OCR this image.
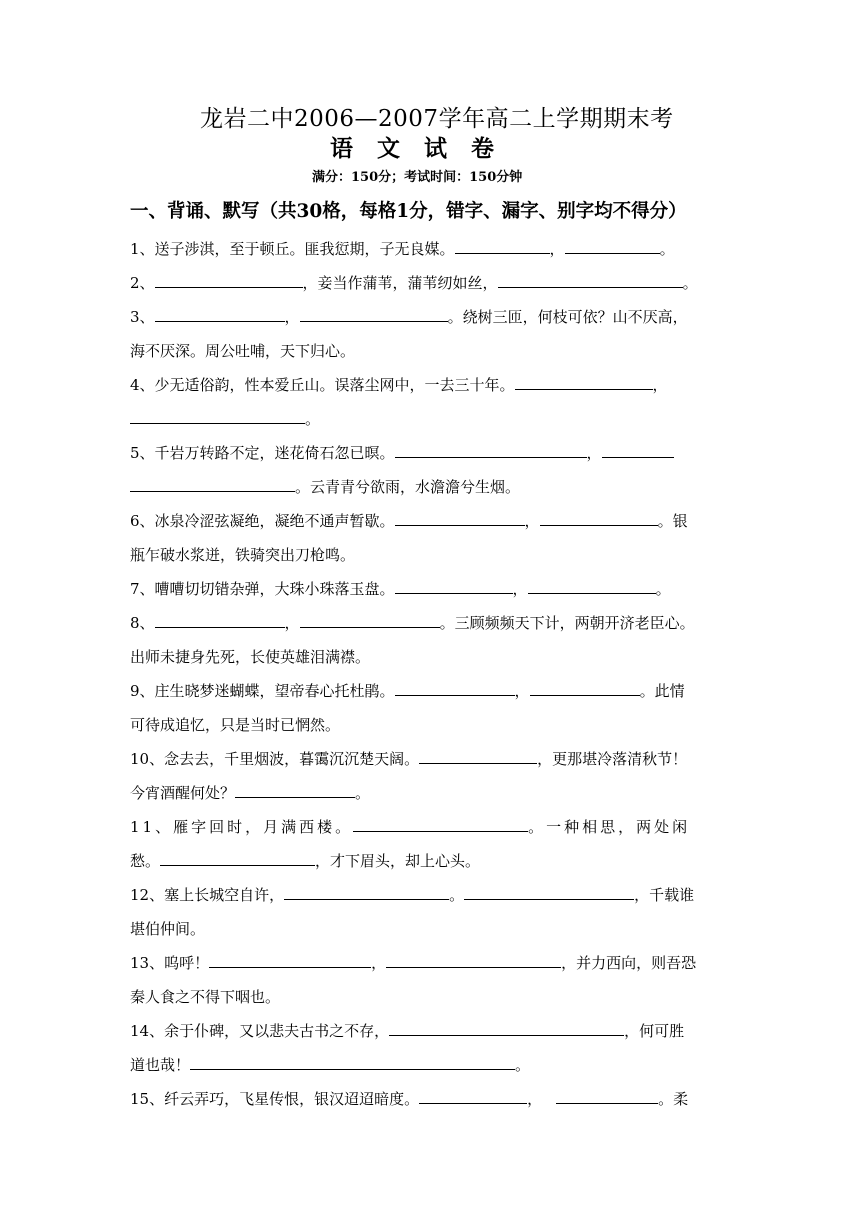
龙岩二中2006—2007学年高二上学期期末考
语 文 试 卷
满分：150分；考试时间：150分钟
一、背诵、默写（共30格，每格1分，错字、漏字、别字均不得分）
1、送子涉淇，至于顿丘。匪我愆期，子无良媒。	，	。
2、	，妾当作蒲苇，蒲苇纫如丝，	。
3、	，	。绕树三匝，何枝可依？山不厌高，
海不厌深。周公吐哺，天下归心。
4、少无适俗韵，性本爱丘山。误落尘网中，一去三十年。	，
。
5、千岩万转路不定，迷花倚石忽已暝。	，
。云青青兮欲雨，水澹澹兮生烟。
6、冰泉冷涩弦凝绝，凝绝不通声暂歇。	，	。银
瓶乍破水浆迸，铁骑突出刀枪鸣。
7、嘈嘈切切错杂弹，大珠小珠落玉盘。	，	。
8、	，	。三顾频频天下计，两朝开济老臣心。
出师未捷身先死，长使英雄泪满襟。
9、庄生晓梦迷蝴蝶，望帝春心托杜鹃。	，	。此情
可待成追忆，只是当时已惘然。
10、念去去，千里烟波，暮霭沉沉楚天阔。	，更那堪冷落清秋节！
今宵酒醒何处？	。
11、雁字回时，月满西楼。	。一种相思，两处闲
愁。	，才下眉头，却上心头。
12、塞上长城空自许，	。	，千载谁
堪伯仲间。
13、呜呼！	，	，并力西向，则吾恐
秦人食之不得下咽也。
14、余于仆碑，又以悲夫古书之不存，	，何可胜
道也哉！	。
15、纤云弄巧，飞星传恨，银汉迢迢暗度。	，	。柔
